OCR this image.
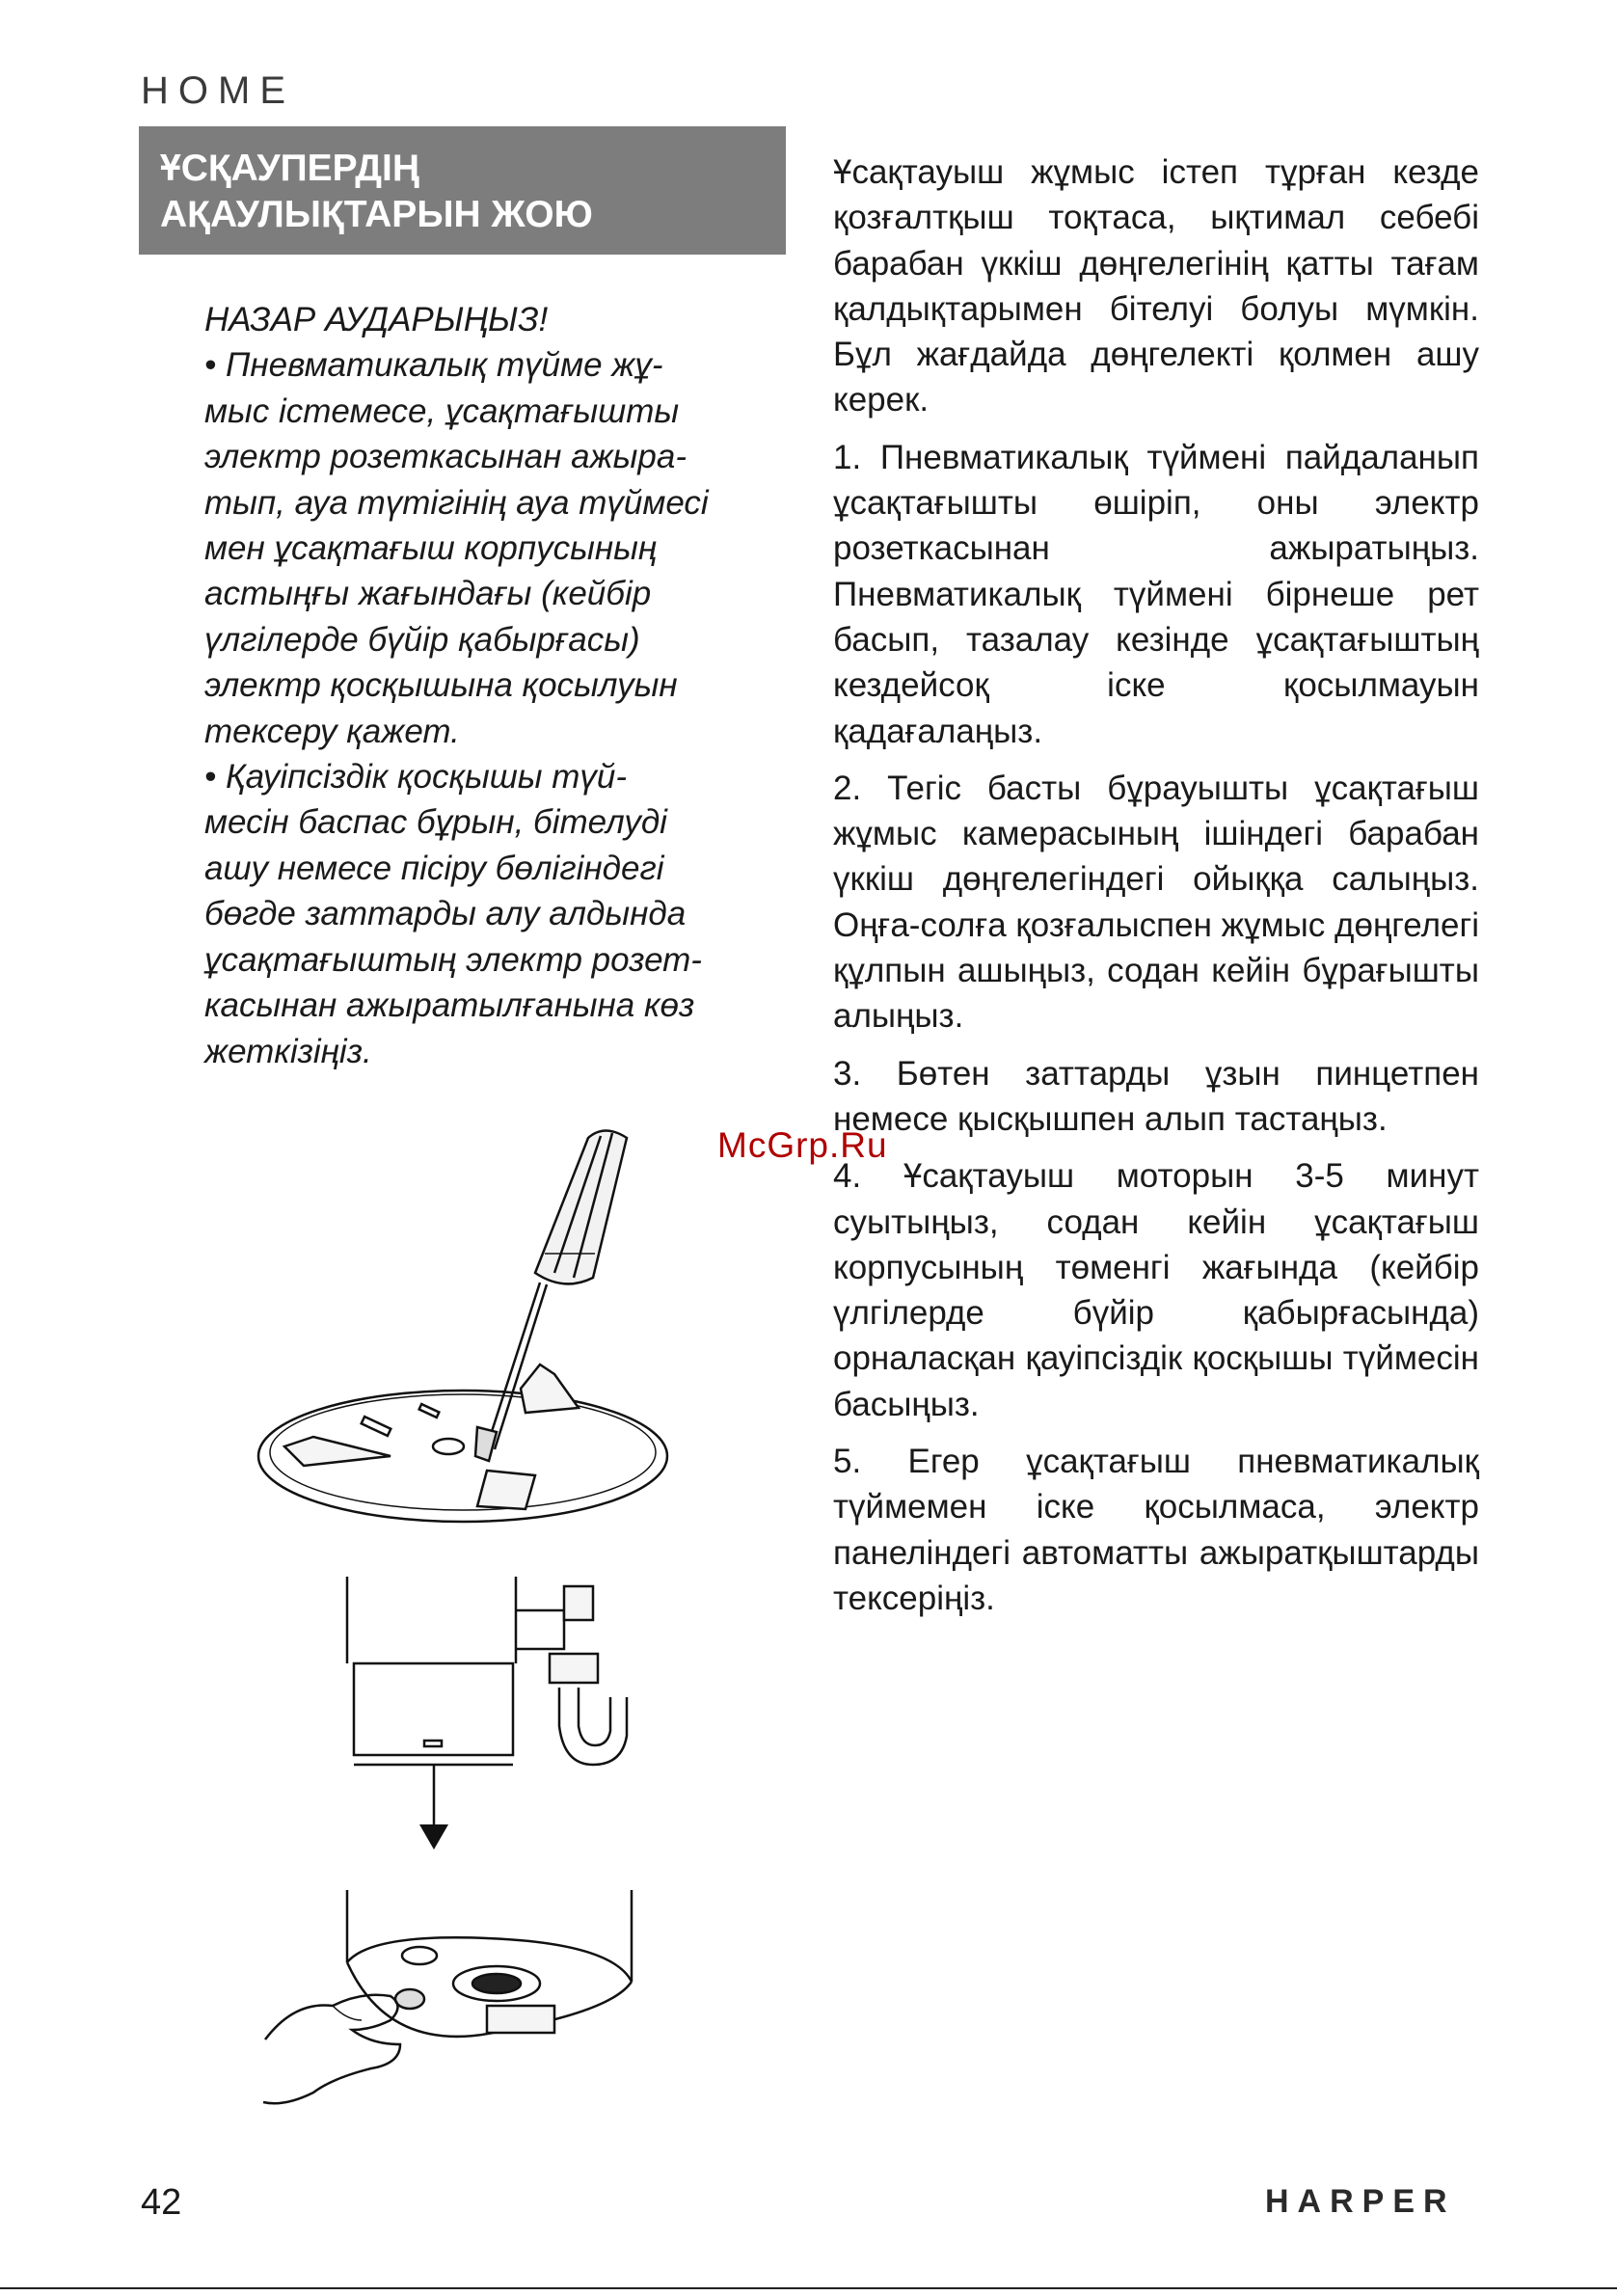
HOME
ҰСҚАУПЕРДІҢ
АҚАУЛЫҚТАРЫН ЖОЮ

НАЗАР АУДАРЫҢЫЗ!

• Пневматикалық түйме жұ-

мыс істемесе, ұсақтағышты

электр розеткасынан ажыра-

тып, ауа түтігінің ауа түймесі

мен ұсақтағыш корпусының

астыңғы жағындағы (кейбір

үлгілерде бүйір қабырғасы)

электр қосқышына қосылуын

тексеру қажет.

• Қауіпсіздік қосқышы түй-

месін баспас бұрын, бітелуді

ашу немесе пісіру бөлігіндегі

бөгде заттарды алу алдында

ұсақтағыштың электр розет-

касынан ажыратылғанына көз

жеткізіңіз.

Ұсақтауыш жұмыс істеп тұрған кезде қозғалтқыш тоқтаса, ықтимал себебі барабан үккіш дөңгелегінің қатты тағам қалдықтарымен бітелуі болуы мүмкін. Бұл жағдайда дөңгелекті қолмен ашу керек.

1. Пневматикалық түймені пайдаланып ұсақтағышты өшіріп, оны электр розеткасынан ажыратыңыз. Пневматикалық түймені бірнеше рет басып, тазалау кезінде ұсақтағыштың кездейсоқ іске қосылмауын қадағалаңыз.

2. Тегіс басты бұрауышты ұсақтағыш жұмыс камерасының ішіндегі барабан үккіш дөңгелегіндегі ойыққа салыңыз. Оңға-солға қозғалыспен жұмыс дөңгелегі құлпын ашыңыз, содан кейін бұрағышты алыңыз.

3. Бөтен заттарды ұзын пинцетпен немесе қысқышпен алып тастаңыз.

4. Ұсақтауыш моторын 3-5 минут суытыңыз, содан кейін ұсақтағыш корпусының төменгі жағында (кейбір үлгілерде бүйір қабырғасында) орналасқан қауіпсіздік қосқышы түймесін басыңыз.

5. Егер ұсақтағыш пневматикалық түймемен іске қосылмаса, электр панеліндегі автоматты ажыратқыштарды тексеріңіз.

McGrp.Ru
42	HARPER
